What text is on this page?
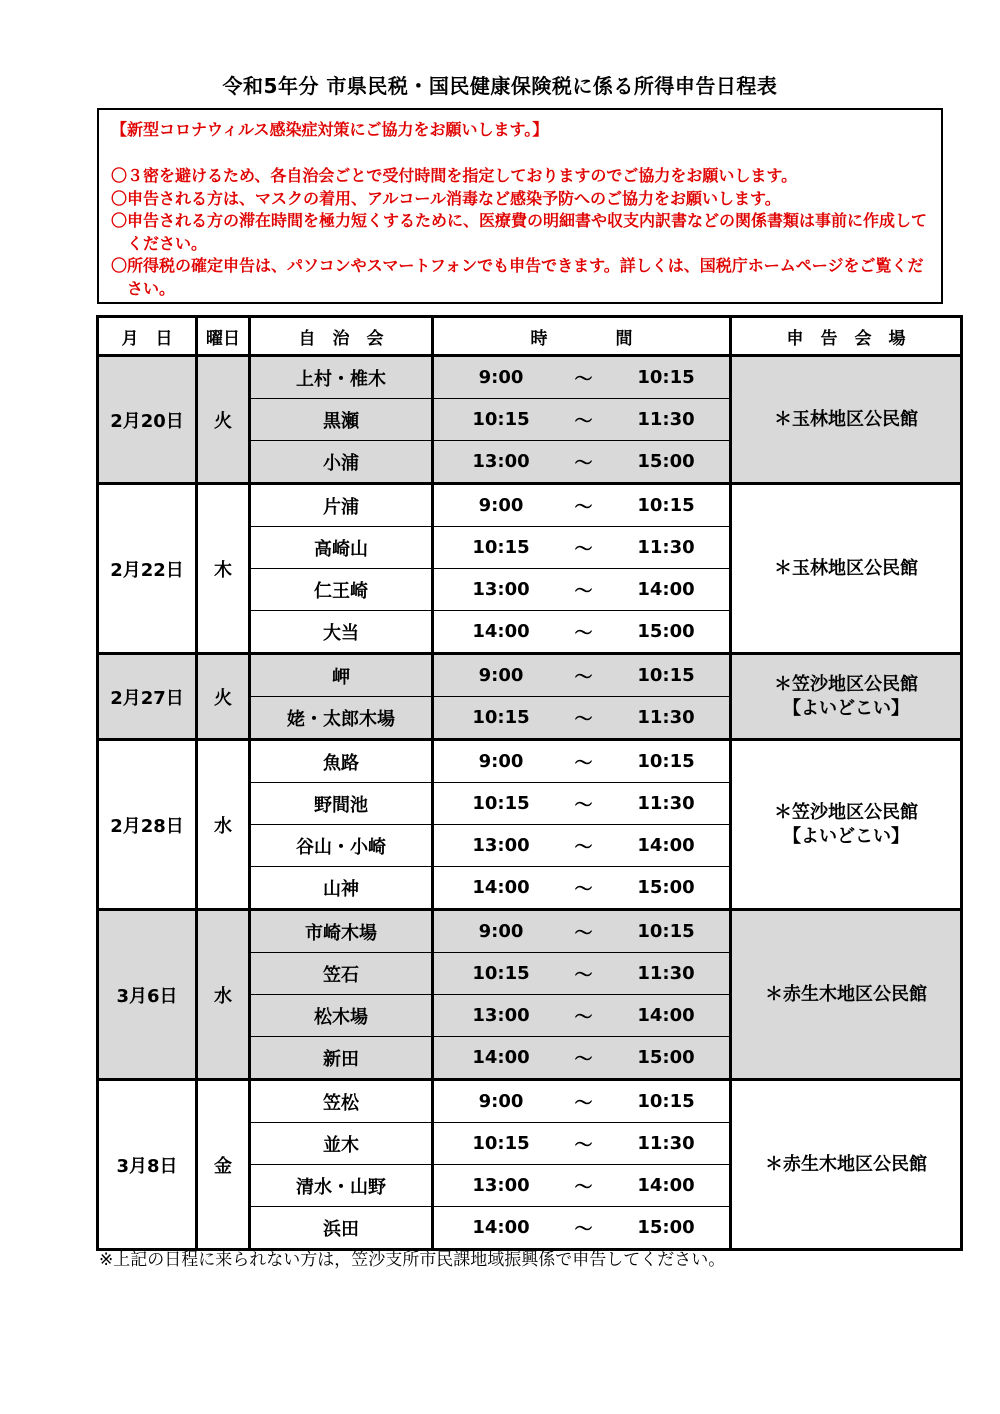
令和5年分 市県民税・国民健康保険税に係る所得申告日程表
【新型コロナウィルス感染症対策にご協力をお願いします。】
〇３密を避けるため、各自治会ごとで受付時間を指定しておりますのでご協力をお願いします。
〇申告される方は、マスクの着用、アルコール消毒など感染予防へのご協力をお願いします。
〇申告される方の滞在時間を極力短くするために、医療費の明細書や収支内訳書などの関係書類は事前に作成してください。
〇所得税の確定申告は、パソコンやスマートフォンでも申告できます。詳しくは、国税庁ホームページをご覧ください。
月　日	曜日	自　治　会	時　　　　間	申　告　会　場
2月20日	火	上村・椎木	9:00 ～ 10:15	＊玉林地区公民館

		黒瀬	10:15 ～ 11:30	

		小浦	13:00 ～ 15:00	

2月22日	木	片浦	9:00 ～ 10:15	＊玉林地区公民館

		高崎山	10:15 ～ 11:30	

		仁王崎	13:00 ～ 14:00	

		大当	14:00 ～ 15:00	

2月27日	火	岬	9:00 ～ 10:15	＊笠沙地区公民館
【よいどこい】

		姥・太郎木場	10:15 ～ 11:30	

2月28日	水	魚路	9:00 ～ 10:15	＊笠沙地区公民館
【よいどこい】

		野間池	10:15 ～ 11:30	

		谷山・小崎	13:00 ～ 14:00	

		山神	14:00 ～ 15:00	

3月6日	水	市崎木場	9:00 ～ 10:15	＊赤生木地区公民館

		笠石	10:15 ～ 11:30	

		松木場	13:00 ～ 14:00	

		新田	14:00 ～ 15:00	

3月8日	金	笠松	9:00 ～ 10:15	＊赤生木地区公民館

		並木	10:15 ～ 11:30	

		清水・山野	13:00 ～ 14:00	

		浜田	14:00 ～ 15:00	
※上記の日程に来られない方は，笠沙支所市民課地域振興係で申告してください。
